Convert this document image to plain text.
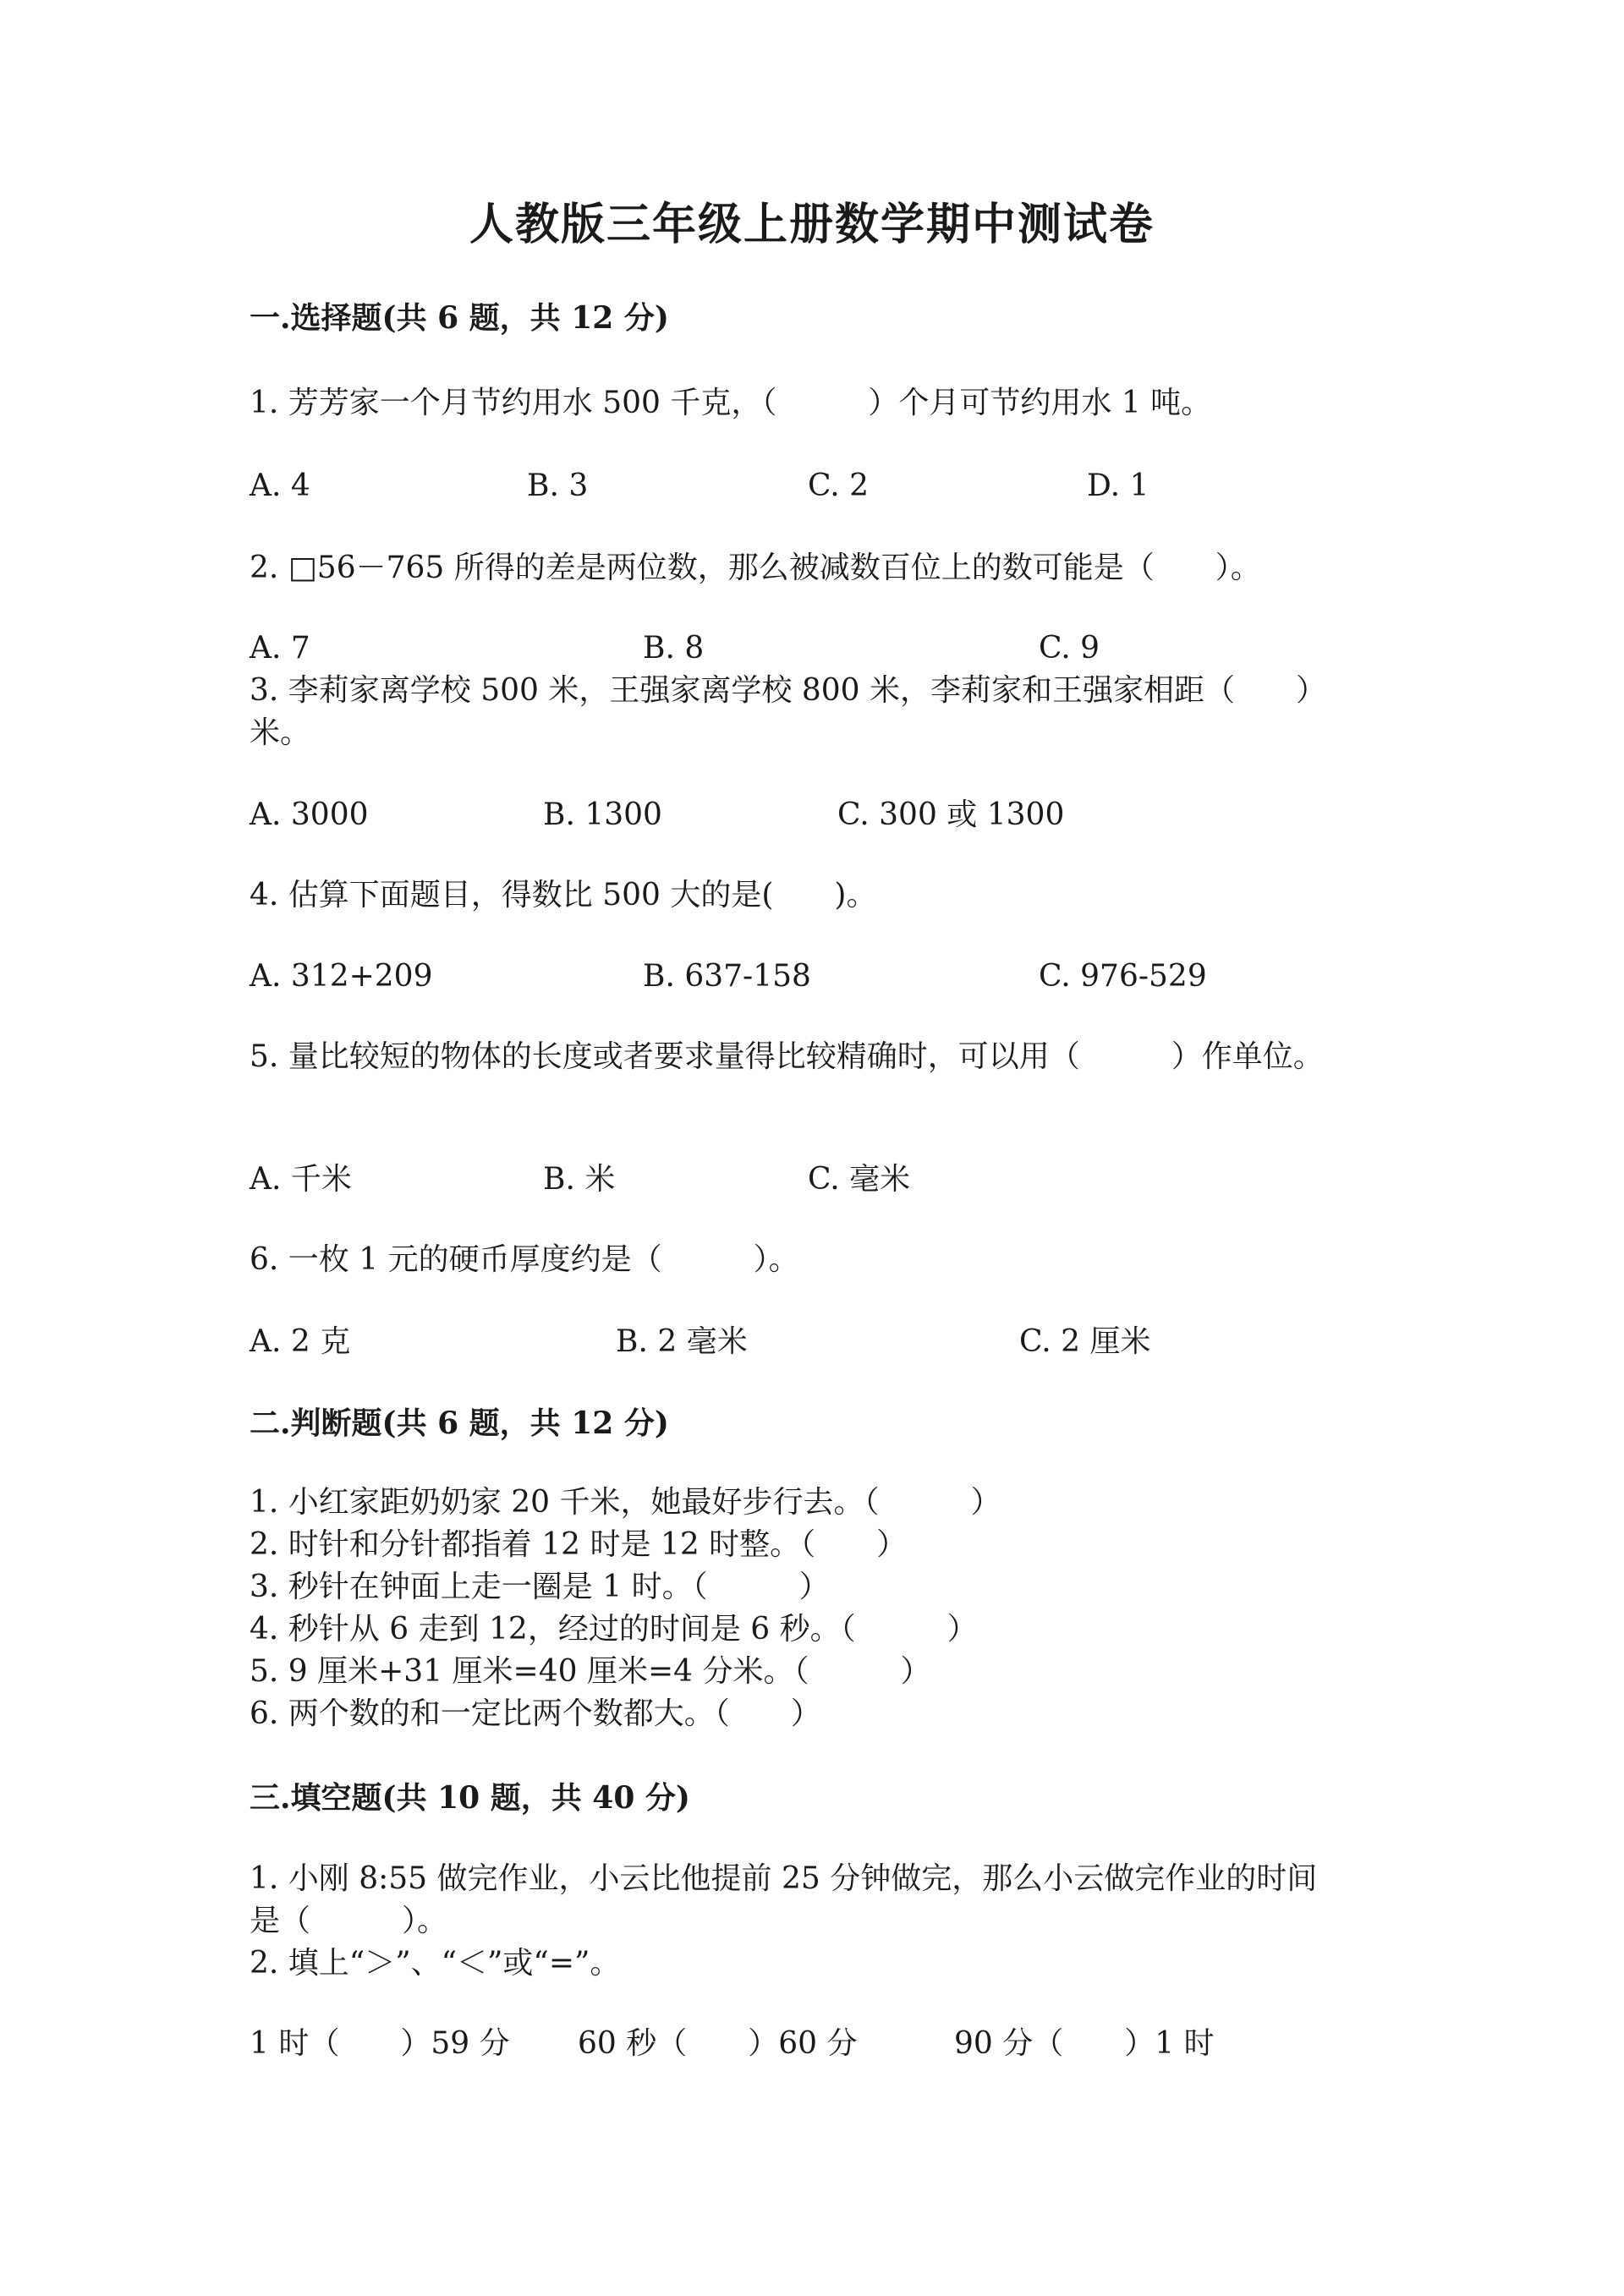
人教版三年级上册数学期中测试卷
一.选择题(共 6 题，共 12 分)
1. 芳芳家一个月节约用水 500 千克，（　　　）个月可节约用水 1 吨。
A. 4	B. 3	C. 2	D. 1
2. □56－765 所得的差是两位数，那么被减数百位上的数可能是（　　）。
A. 7	B. 8	C. 9
3. 李莉家离学校 500 米，王强家离学校 800 米，李莉家和王强家相距（　　）
米。
A. 3000	B. 1300	C. 300 或 1300
4. 估算下面题目，得数比 500 大的是(　　)。
A. 312+209	B. 637-158	C. 976-529
5. 量比较短的物体的长度或者要求量得比较精确时，可以用（　　　）作单位。
A. 千米	B. 米	C. 毫米
6. 一枚 1 元的硬币厚度约是（　　　）。
A. 2 克	B. 2 毫米	C. 2 厘米
二.判断题(共 6 题，共 12 分)
1. 小红家距奶奶家 20 千米，她最好步行去。（　　　）
2. 时针和分针都指着 12 时是 12 时整。（　　）
3. 秒针在钟面上走一圈是 1 时。（　　　）
4. 秒针从 6 走到 12，经过的时间是 6 秒。（　　　）
5. 9 厘米+31 厘米=40 厘米=4 分米。（　　　）
6. 两个数的和一定比两个数都大。（　　）
三.填空题(共 10 题，共 40 分)
1. 小刚 8:55 做完作业，小云比他提前 25 分钟做完，那么小云做完作业的时间
是（　　　）。
2. 填上“＞”、“＜”或“=”。
1 时（　　）59 分 60 秒（　　）60 分	90 分（　　）1 时
